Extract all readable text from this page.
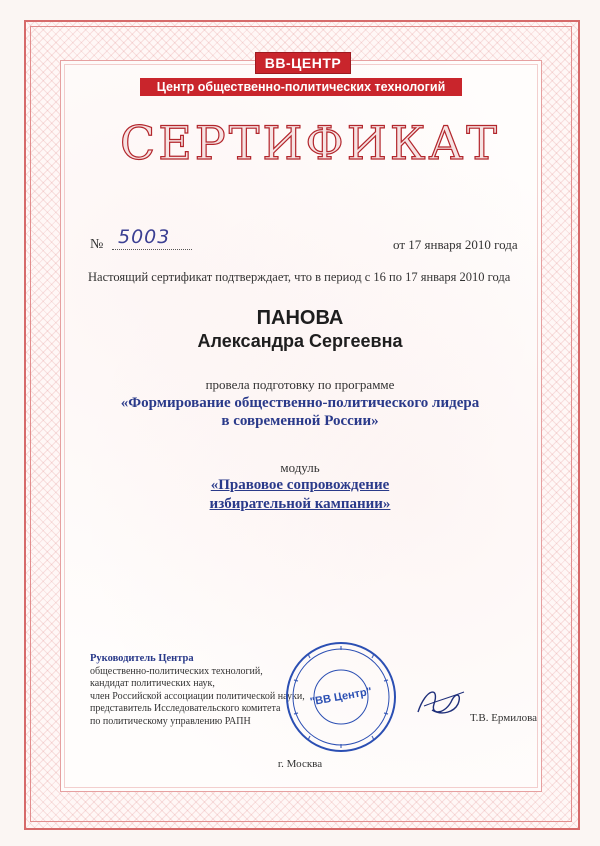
ВВ-ЦЕНТР
Центр общественно-политических технологий
СЕРТИФИКАТ
№ 5003	от 17 января 2010 года
Настоящий сертификат подтверждает, что в период с 16 по 17 января 2010 года
ПАНОВА
Александра Сергеевна
провела подготовку по программе
«Формирование общественно-политического лидера
в современной России»
модуль
«Правовое сопровождение
избирательной кампании»
Руководитель Центра
общественно-политических технологий,
кандидат политических наук,
член Российской ассоциации политической науки,
представитель Исследовательского комитета
по политическому управлению РАПН
"ВВ Центр"
Т.В. Ермилова
г. Москва
